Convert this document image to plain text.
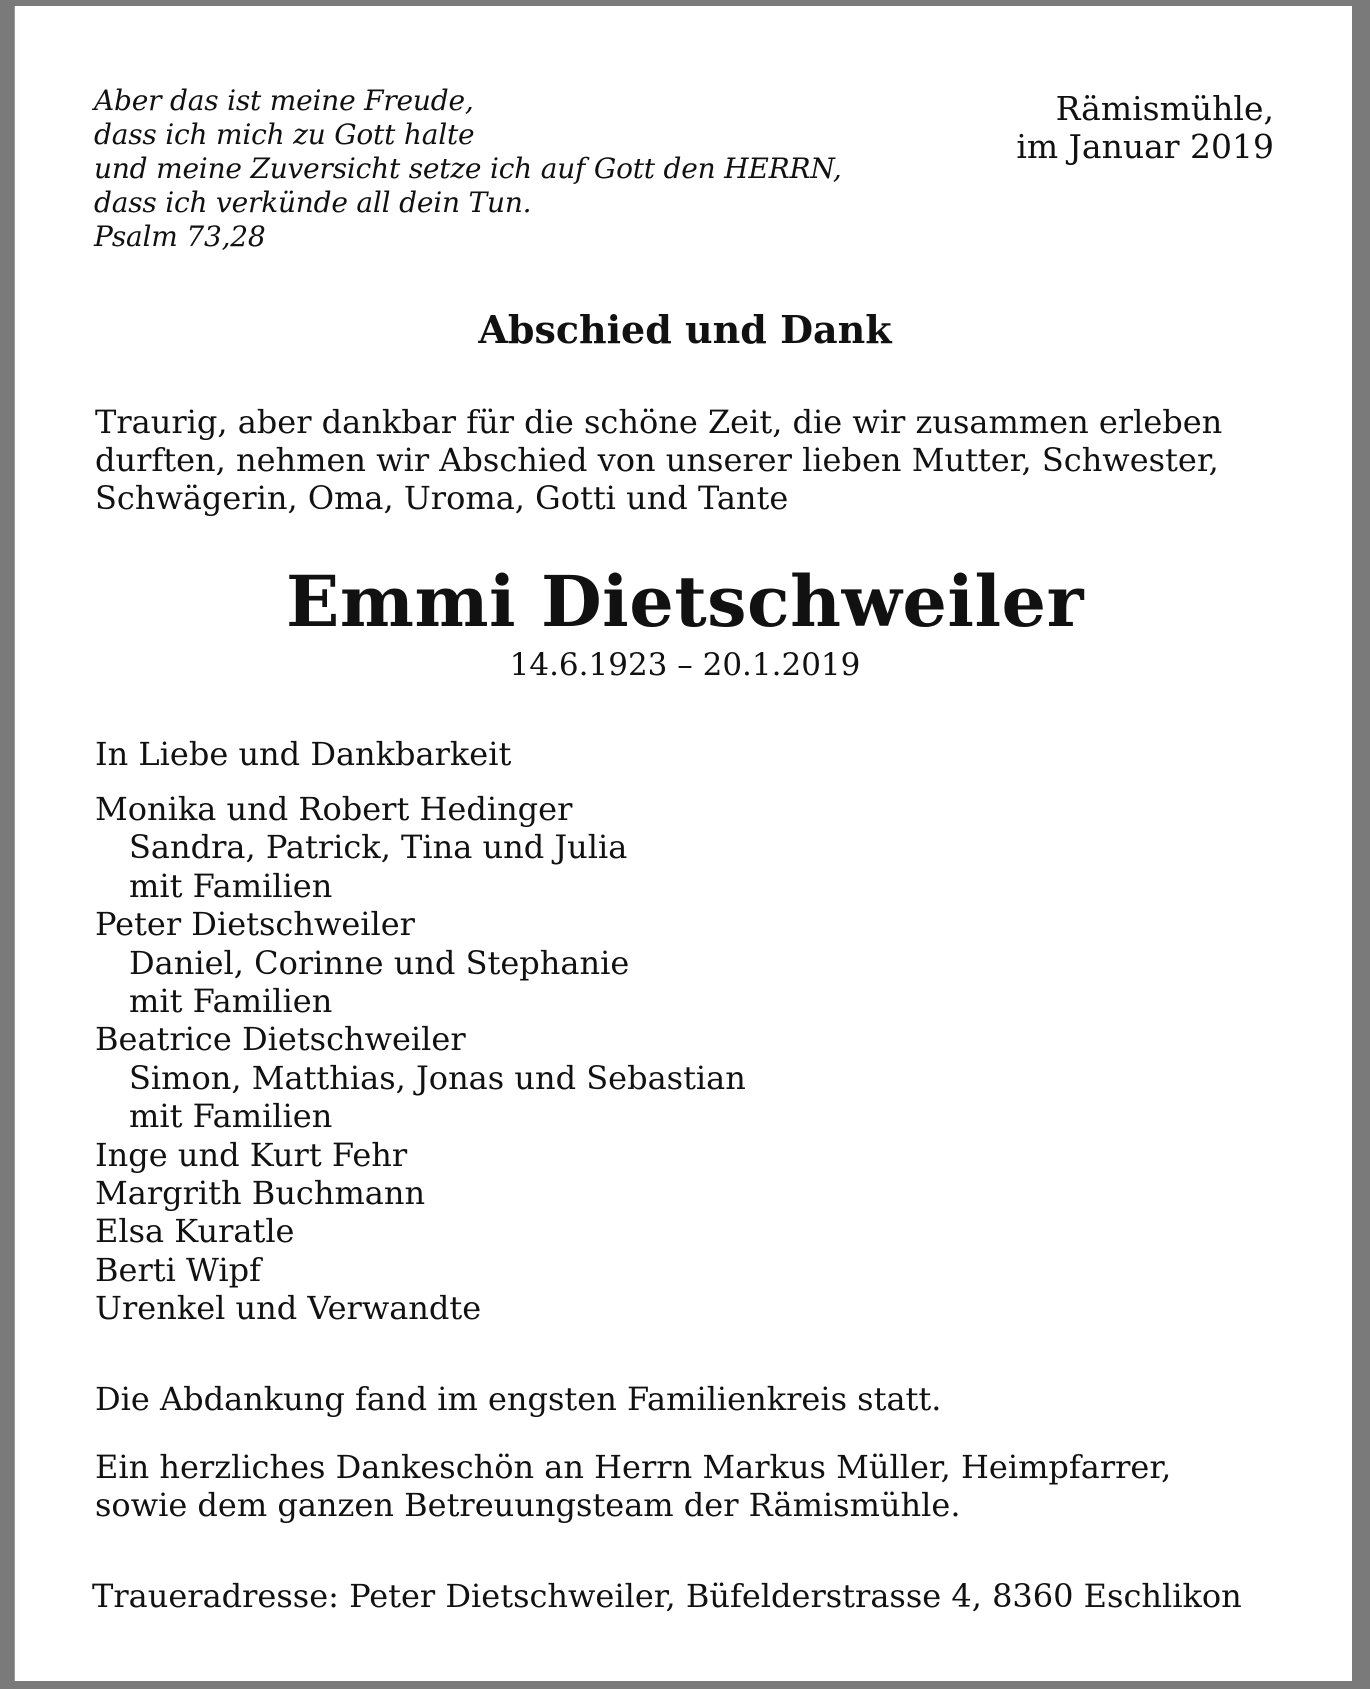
Aber das ist meine Freude,
dass ich mich zu Gott halte
und meine Zuversicht setze ich auf Gott den HERRN,
dass ich verkünde all dein Tun.
Psalm 73,28
Rämismühle,
im Januar 2019
Abschied und Dank
Traurig, aber dankbar für die schöne Zeit, die wir zusammen erleben
durften, nehmen wir Abschied von unserer lieben Mutter, Schwester,
Schwägerin, Oma, Uroma, Gotti und Tante
Emmi Dietschweiler
14.6.1923 – 20.1.2019
In Liebe und Dankbarkeit
Monika und Robert Hedinger
Sandra, Patrick, Tina und Julia
mit Familien
Peter Dietschweiler
Daniel, Corinne und Stephanie
mit Familien
Beatrice Dietschweiler
Simon, Matthias, Jonas und Sebastian
mit Familien
Inge und Kurt Fehr
Margrith Buchmann
Elsa Kuratle
Berti Wipf
Urenkel und Verwandte
Die Abdankung fand im engsten Familienkreis statt.
Ein herzliches Dankeschön an Herrn Markus Müller, Heimpfarrer,
sowie dem ganzen Betreuungsteam der Rämismühle.
Traueradresse: Peter Dietschweiler, Büfelderstrasse 4, 8360 Eschlikon
